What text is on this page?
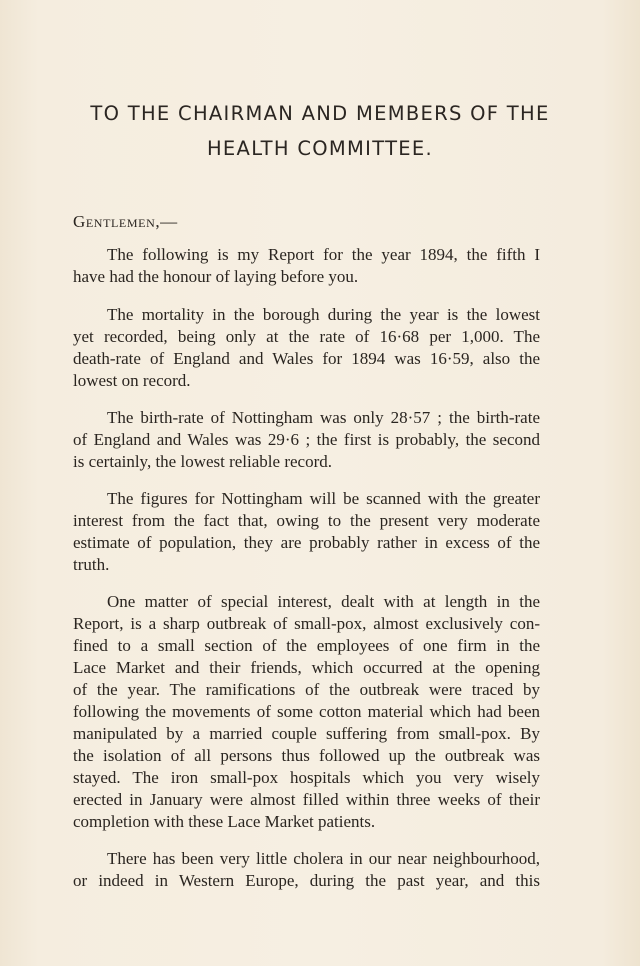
TO THE CHAIRMAN AND MEMBERS OF THE
HEALTH COMMITTEE.
Gentlemen,—
The following is my Report for the year 1894, the fifth I
have had the honour of laying before you.
The mortality in the borough during the year is the lowest
yet recorded, being only at the rate of 16·68 per 1,000. The
death-rate of England and Wales for 1894 was 16·59, also the
lowest on record.
The birth-rate of Nottingham was only 28·57 ; the birth-rate
of England and Wales was 29·6 ; the first is probably, the second
is certainly, the lowest reliable record.
The figures for Nottingham will be scanned with the greater
interest from the fact that, owing to the present very moderate
estimate of population, they are probably rather in excess of the
truth.
One matter of special interest, dealt with at length in the
Report, is a sharp outbreak of small-pox, almost exclusively con-
fined to a small section of the employees of one firm in the
Lace Market and their friends, which occurred at the opening
of the year. The ramifications of the outbreak were traced by
following the movements of some cotton material which had been
manipulated by a married couple suffering from small-pox. By
the isolation of all persons thus followed up the outbreak was
stayed. The iron small-pox hospitals which you very wisely
erected in January were almost filled within three weeks of their
completion with these Lace Market patients.
There has been very little cholera in our near neighbourhood,
or indeed in Western Europe, during the past year, and this
